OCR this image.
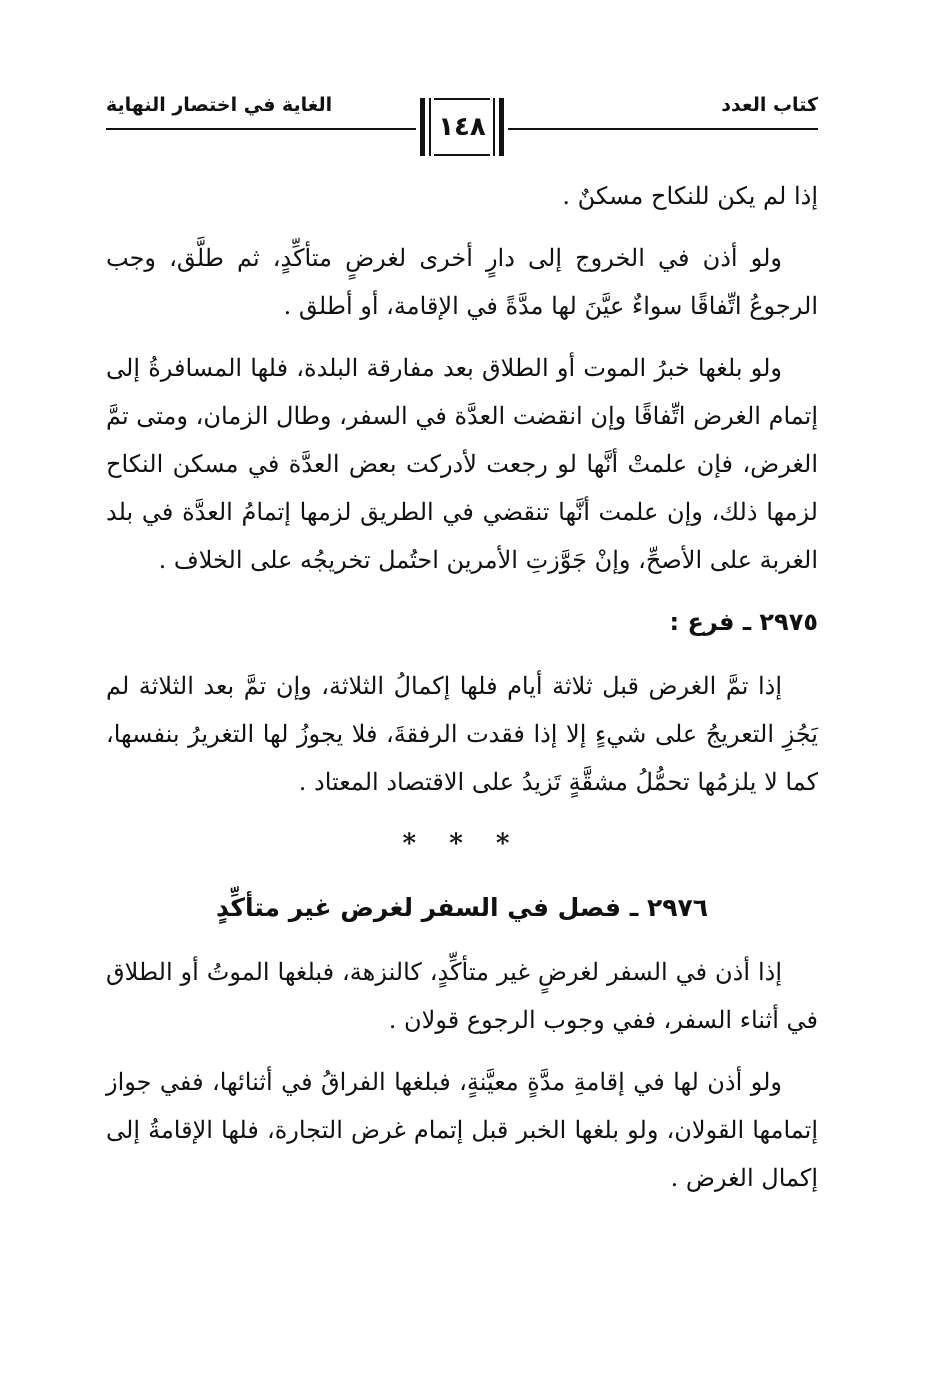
الغاية في اختصار النهاية
١٤٨
كتاب العدد

إذا لم يكن للنكاح مسكنٌ .

ولو أذن في الخروج إلى دارٍ أخرى لغرضٍ متأكِّدٍ، ثم طلَّق، وجب الرجوعُ اتِّفاقًا سواءٌ عيَّنَ لها مدَّةً في الإقامة، أو أطلق .

ولو بلغها خبرُ الموت أو الطلاق بعد مفارقة البلدة، فلها المسافرةُ إلى إتمام الغرض اتِّفاقًا وإن انقضت العدَّة في السفر، وطال الزمان، ومتى تمَّ الغرض، فإن علمتْ أنَّها لو رجعت لأدركت بعض العدَّة في مسكن النكاح لزمها ذلك، وإن علمت أنَّها تنقضي في الطريق لزمها إتمامُ العدَّة في بلد الغربة على الأصحِّ، وإنْ جَوَّزتِ الأمرين احتُمل تخريجُه على الخلاف .

٢٩٧٥ ـ فرع :

إذا تمَّ الغرض قبل ثلاثة أيام فلها إكمالُ الثلاثة، وإن تمَّ بعد الثلاثة لم يَجُزِ التعريجُ على شيءٍ إلا إذا فقدت الرفقةَ، فلا يجوزُ لها التغريرُ بنفسها، كما لا يلزمُها تحمُّلُ مشقَّةٍ تَزيدُ على الاقتصاد المعتاد .

* * *
٢٩٧٦ ـ فصل في السفر لغرض غير متأكِّدٍ

إذا أذن في السفر لغرضٍ غير متأكِّدٍ، كالنزهة، فبلغها الموتُ أو الطلاق في أثناء السفر، ففي وجوب الرجوع قولان .

ولو أذن لها في إقامةِ مدَّةٍ معيَّنةٍ، فبلغها الفراقُ في أثنائها، ففي جواز إتمامها القولان، ولو بلغها الخبر قبل إتمام غرض التجارة، فلها الإقامةُ إلى إكمال الغرض .
